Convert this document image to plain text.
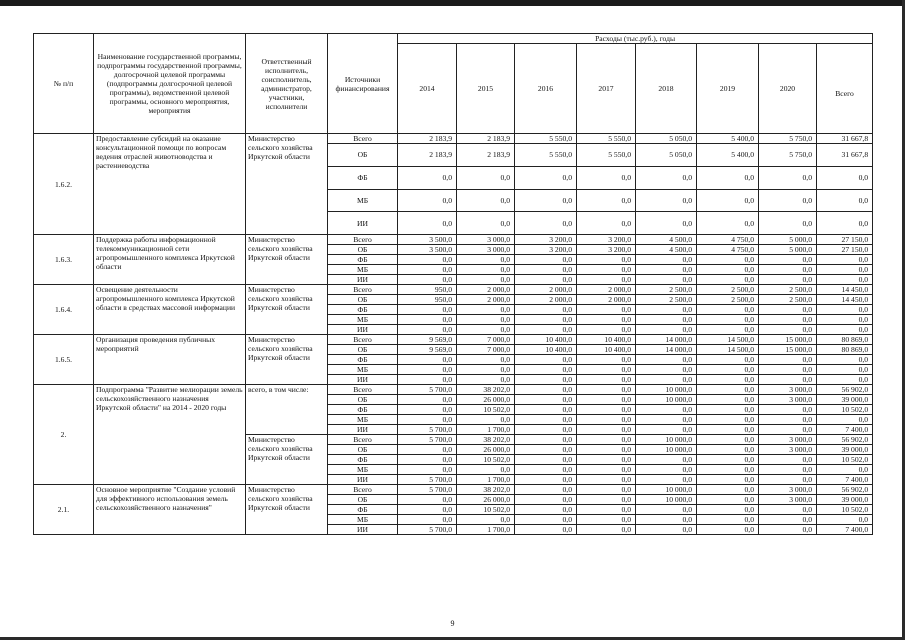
№ п/п	Наименование государственной программы, подпрограммы государственной программы, долгосрочной целевой программы (подпрограммы долгосрочной целевой программы), ведомственной целевой программы, основного мероприятия, мероприятия	Ответственный исполнитель, соисполнитель, администратор, участники, исполнители	Источники финансирования	Расходы (тыс.руб.), годы							
				2014	2015	2016	2017	2018	2019	2020	Всего
1.6.2.	Предоставление субсидий на оказание консультационной помощи по вопросам ведения отраслей животноводства и растениеводства	Министерство сельского хозяйства Иркутской области	Всего	2 183,9	2 183,9	5 550,0	5 550,0	5 050,0	5 400,0	5 750,0	31 667,8
			ОБ	2 183,9	2 183,9	5 550,0	5 550,0	5 050,0	5 400,0	5 750,0	31 667,8
			ФБ	0,0	0,0	0,0	0,0	0,0	0,0	0,0	0,0
			МБ	0,0	0,0	0,0	0,0	0,0	0,0	0,0	0,0
			ИИ	0,0	0,0	0,0	0,0	0,0	0,0	0,0	0,0
1.6.3.	Поддержка работы информационной телекоммуникационной сети агропромышленного комплекса Иркутской области	Министерство сельского хозяйства Иркутской области	Всего	3 500,0	3 000,0	3 200,0	3 200,0	4 500,0	4 750,0	5 000,0	27 150,0
			ОБ	3 500,0	3 000,0	3 200,0	3 200,0	4 500,0	4 750,0	5 000,0	27 150,0
			ФБ	0,0	0,0	0,0	0,0	0,0	0,0	0,0	0,0
			МБ	0,0	0,0	0,0	0,0	0,0	0,0	0,0	0,0
			ИИ	0,0	0,0	0,0	0,0	0,0	0,0	0,0	0,0
1.6.4.	Освещение деятельности агропромышленного комплекса Иркутской области в средствах массовой информации	Министерство сельского хозяйства Иркутской области	Всего	950,0	2 000,0	2 000,0	2 000,0	2 500,0	2 500,0	2 500,0	14 450,0
			ОБ	950,0	2 000,0	2 000,0	2 000,0	2 500,0	2 500,0	2 500,0	14 450,0
			ФБ	0,0	0,0	0,0	0,0	0,0	0,0	0,0	0,0
			МБ	0,0	0,0	0,0	0,0	0,0	0,0	0,0	0,0
			ИИ	0,0	0,0	0,0	0,0	0,0	0,0	0,0	0,0
1.6.5.	Организация проведения публичных мероприятий	Министерство сельского хозяйства Иркутской области	Всего	9 569,0	7 000,0	10 400,0	10 400,0	14 000,0	14 500,0	15 000,0	80 869,0
			ОБ	9 569,0	7 000,0	10 400,0	10 400,0	14 000,0	14 500,0	15 000,0	80 869,0
			ФБ	0,0	0,0	0,0	0,0	0,0	0,0	0,0	0,0
			МБ	0,0	0,0	0,0	0,0	0,0	0,0	0,0	0,0
			ИИ	0,0	0,0	0,0	0,0	0,0	0,0	0,0	0,0
2.	Подпрограмма "Развитие мелиорации земель сельскохозяйственного назначения Иркутской области" на 2014 - 2020 годы	всего, в том числе:	Всего	5 700,0	38 202,0	0,0	0,0	10 000,0	0,0	3 000,0	56 902,0
			ОБ	0,0	26 000,0	0,0	0,0	10 000,0	0,0	3 000,0	39 000,0
			ФБ	0,0	10 502,0	0,0	0,0	0,0	0,0	0,0	10 502,0
			МБ	0,0	0,0	0,0	0,0	0,0	0,0	0,0	0,0
			ИИ	5 700,0	1 700,0	0,0	0,0	0,0	0,0	0,0	7 400,0
		Министерство сельского хозяйства Иркутской области	Всего	5 700,0	38 202,0	0,0	0,0	10 000,0	0,0	3 000,0	56 902,0
			ОБ	0,0	26 000,0	0,0	0,0	10 000,0	0,0	3 000,0	39 000,0
			ФБ	0,0	10 502,0	0,0	0,0	0,0	0,0	0,0	10 502,0
			МБ	0,0	0,0	0,0	0,0	0,0	0,0	0,0	0,0
			ИИ	5 700,0	1 700,0	0,0	0,0	0,0	0,0	0,0	7 400,0
2.1.	Основное мероприятие "Создание условий для эффективного использования земель сельскохозяйственного назначения"	Министерство сельского хозяйства Иркутской области	Всего	5 700,0	38 202,0	0,0	0,0	10 000,0	0,0	3 000,0	56 902,0
			ОБ	0,0	26 000,0	0,0	0,0	10 000,0	0,0	3 000,0	39 000,0
			ФБ	0,0	10 502,0	0,0	0,0	0,0	0,0	0,0	10 502,0
			МБ	0,0	0,0	0,0	0,0	0,0	0,0	0,0	0,0
			ИИ	5 700,0	1 700,0	0,0	0,0	0,0	0,0	0,0	7 400,0
9
